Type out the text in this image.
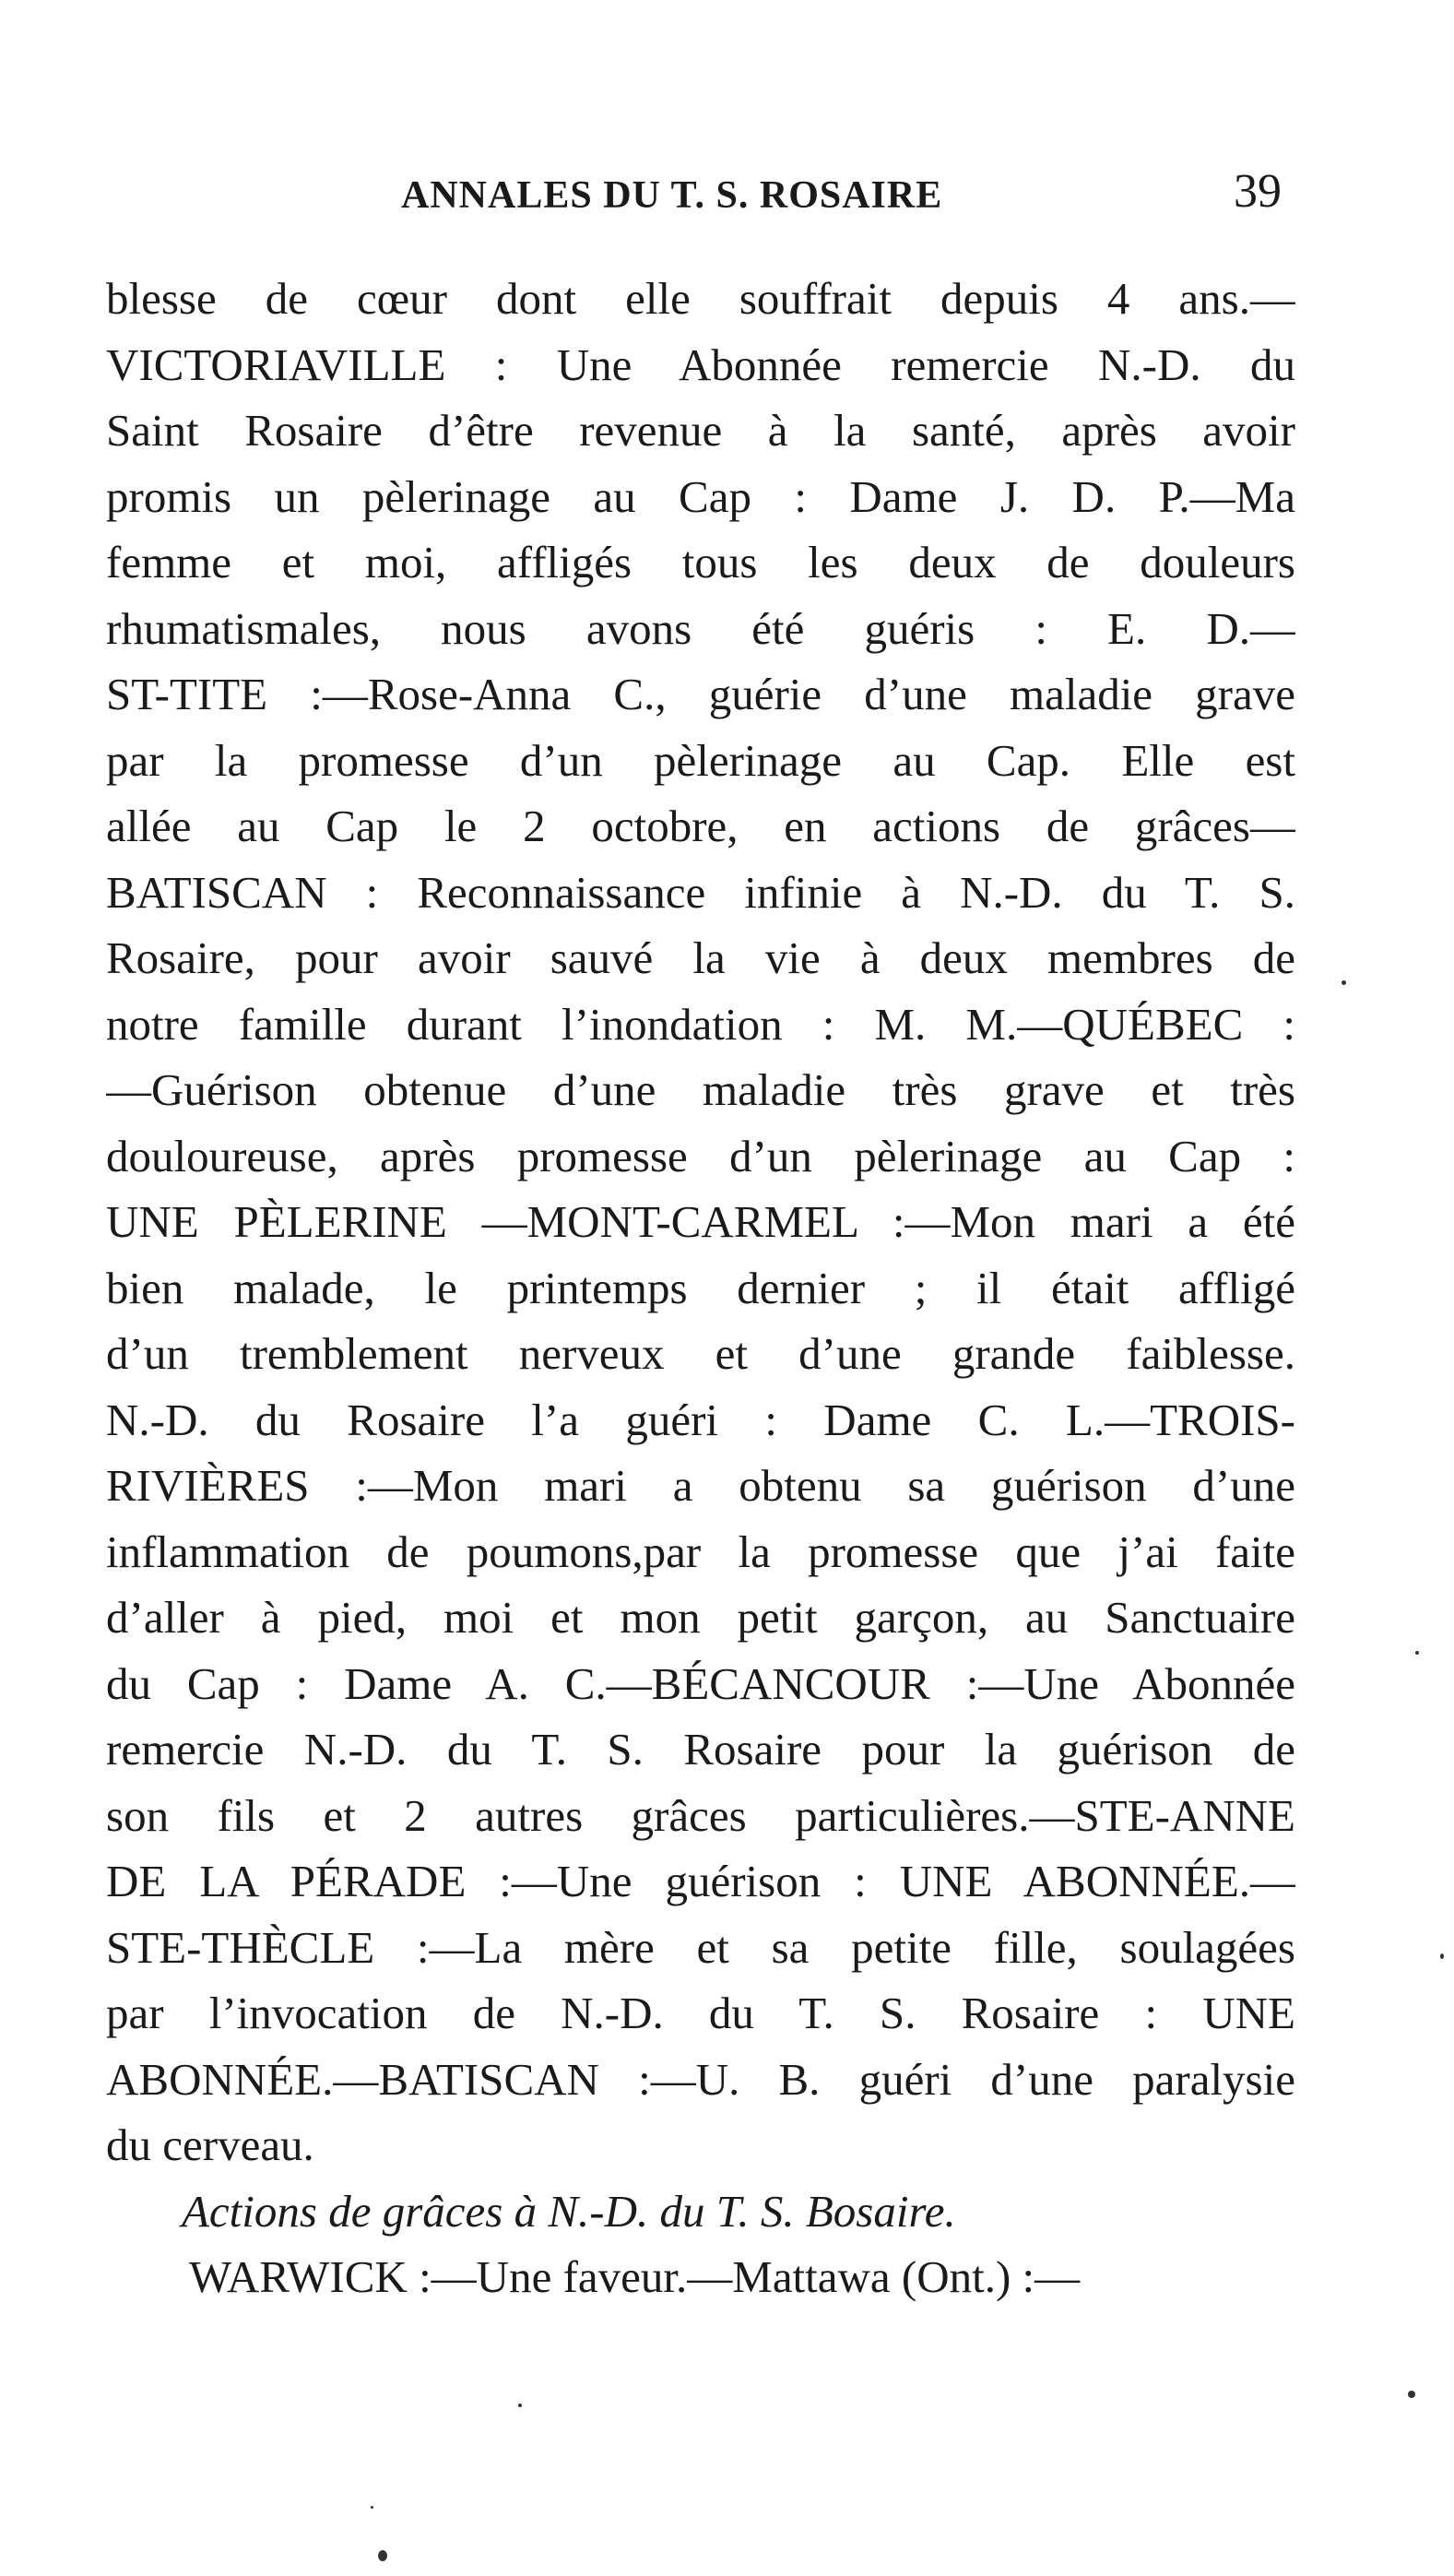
ANNALES DU T. S. ROSAIRE	39
blesse de cœur dont elle souffrait depuis 4 ans.—
VICTORIAVILLE : Une Abonnée remercie N.-D. du
Saint Rosaire d’être revenue à la santé, après avoir
promis un pèlerinage au Cap : Dame J. D. P.—Ma
femme et moi, affligés tous les deux de douleurs
rhumatismales, nous avons été guéris : E. D.—
ST-TITE :—Rose-Anna C., guérie d’une maladie grave
par la promesse d’un pèlerinage au Cap. Elle est
allée au Cap le 2 octobre, en actions de grâces—
BATISCAN : Reconnaissance infinie à N.-D. du T. S.
Rosaire, pour avoir sauvé la vie à deux membres de
notre famille durant l’inondation : M. M.—QUÉBEC :
—Guérison obtenue d’une maladie très grave et très
douloureuse, après promesse d’un pèlerinage au Cap :
UNE PÈLERINE —MONT-CARMEL :—Mon mari a été
bien malade, le printemps dernier ; il était affligé
d’un tremblement nerveux et d’une grande faiblesse.
N.-D. du Rosaire l’a guéri : Dame C. L.—TROIS-
RIVIÈRES :—Mon mari a obtenu sa guérison d’une
inflammation de poumons,par la promesse que j’ai faite
d’aller à pied, moi et mon petit garçon, au Sanctuaire
du Cap : Dame A. C.—BÉCANCOUR :—Une Abonnée
remercie N.-D. du T. S. Rosaire pour la guérison de
son fils et 2 autres grâces particulières.—STE-ANNE
DE LA PÉRADE :—Une guérison : UNE ABONNÉE.—
STE-THÈCLE :—La mère et sa petite fille, soulagées
par l’invocation de N.-D. du T. S. Rosaire : UNE
ABONNÉE.—BATISCAN :—U. B. guéri d’une paralysie
du cerveau.
Actions de grâces à N.-D. du T. S. Bosaire.
WARWICK :—Une faveur.—Mattawa (Ont.) :—
